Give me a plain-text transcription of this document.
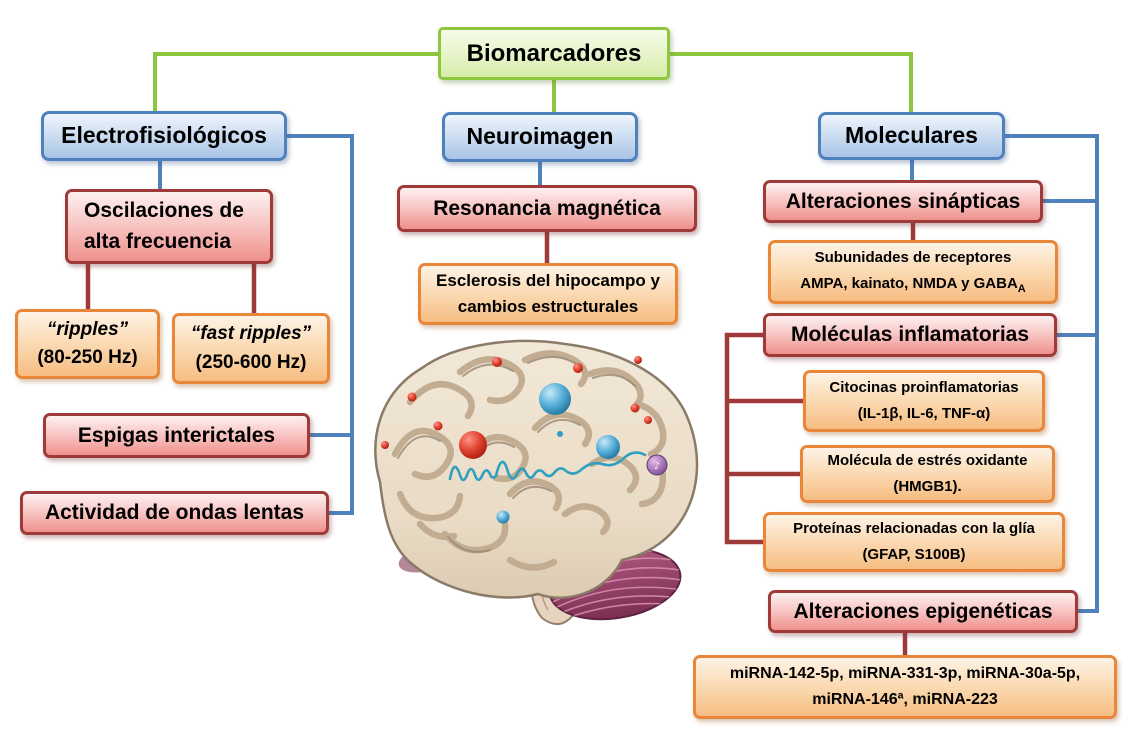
♪
Biomarcadores
Electrofisiológicos
Oscilaciones de
alta frecuencia
“ripples”
(80-250 Hz)
“fast ripples”
(250-600 Hz)
Espigas interictales
Actividad de ondas lentas
Neuroimagen
Resonancia magnética
Esclerosis del hipocampo y
cambios estructurales
Moleculares
Alteraciones sinápticas
Subunidades de receptores
AMPA, kainato, NMDA y $GABA_A$
Moléculas inflamatorias
Citocinas proinflamatorias
(IL-1β, IL-6, TNF-α)
Molécula de estrés oxidante
(HMGB1).
Proteínas relacionadas con la glía
(GFAP, S100B)
Alteraciones epigenéticas
miRNA-142-5p, miRNA-331-3p, miRNA-30a-5p,
miRNA-146ª, miRNA-223
